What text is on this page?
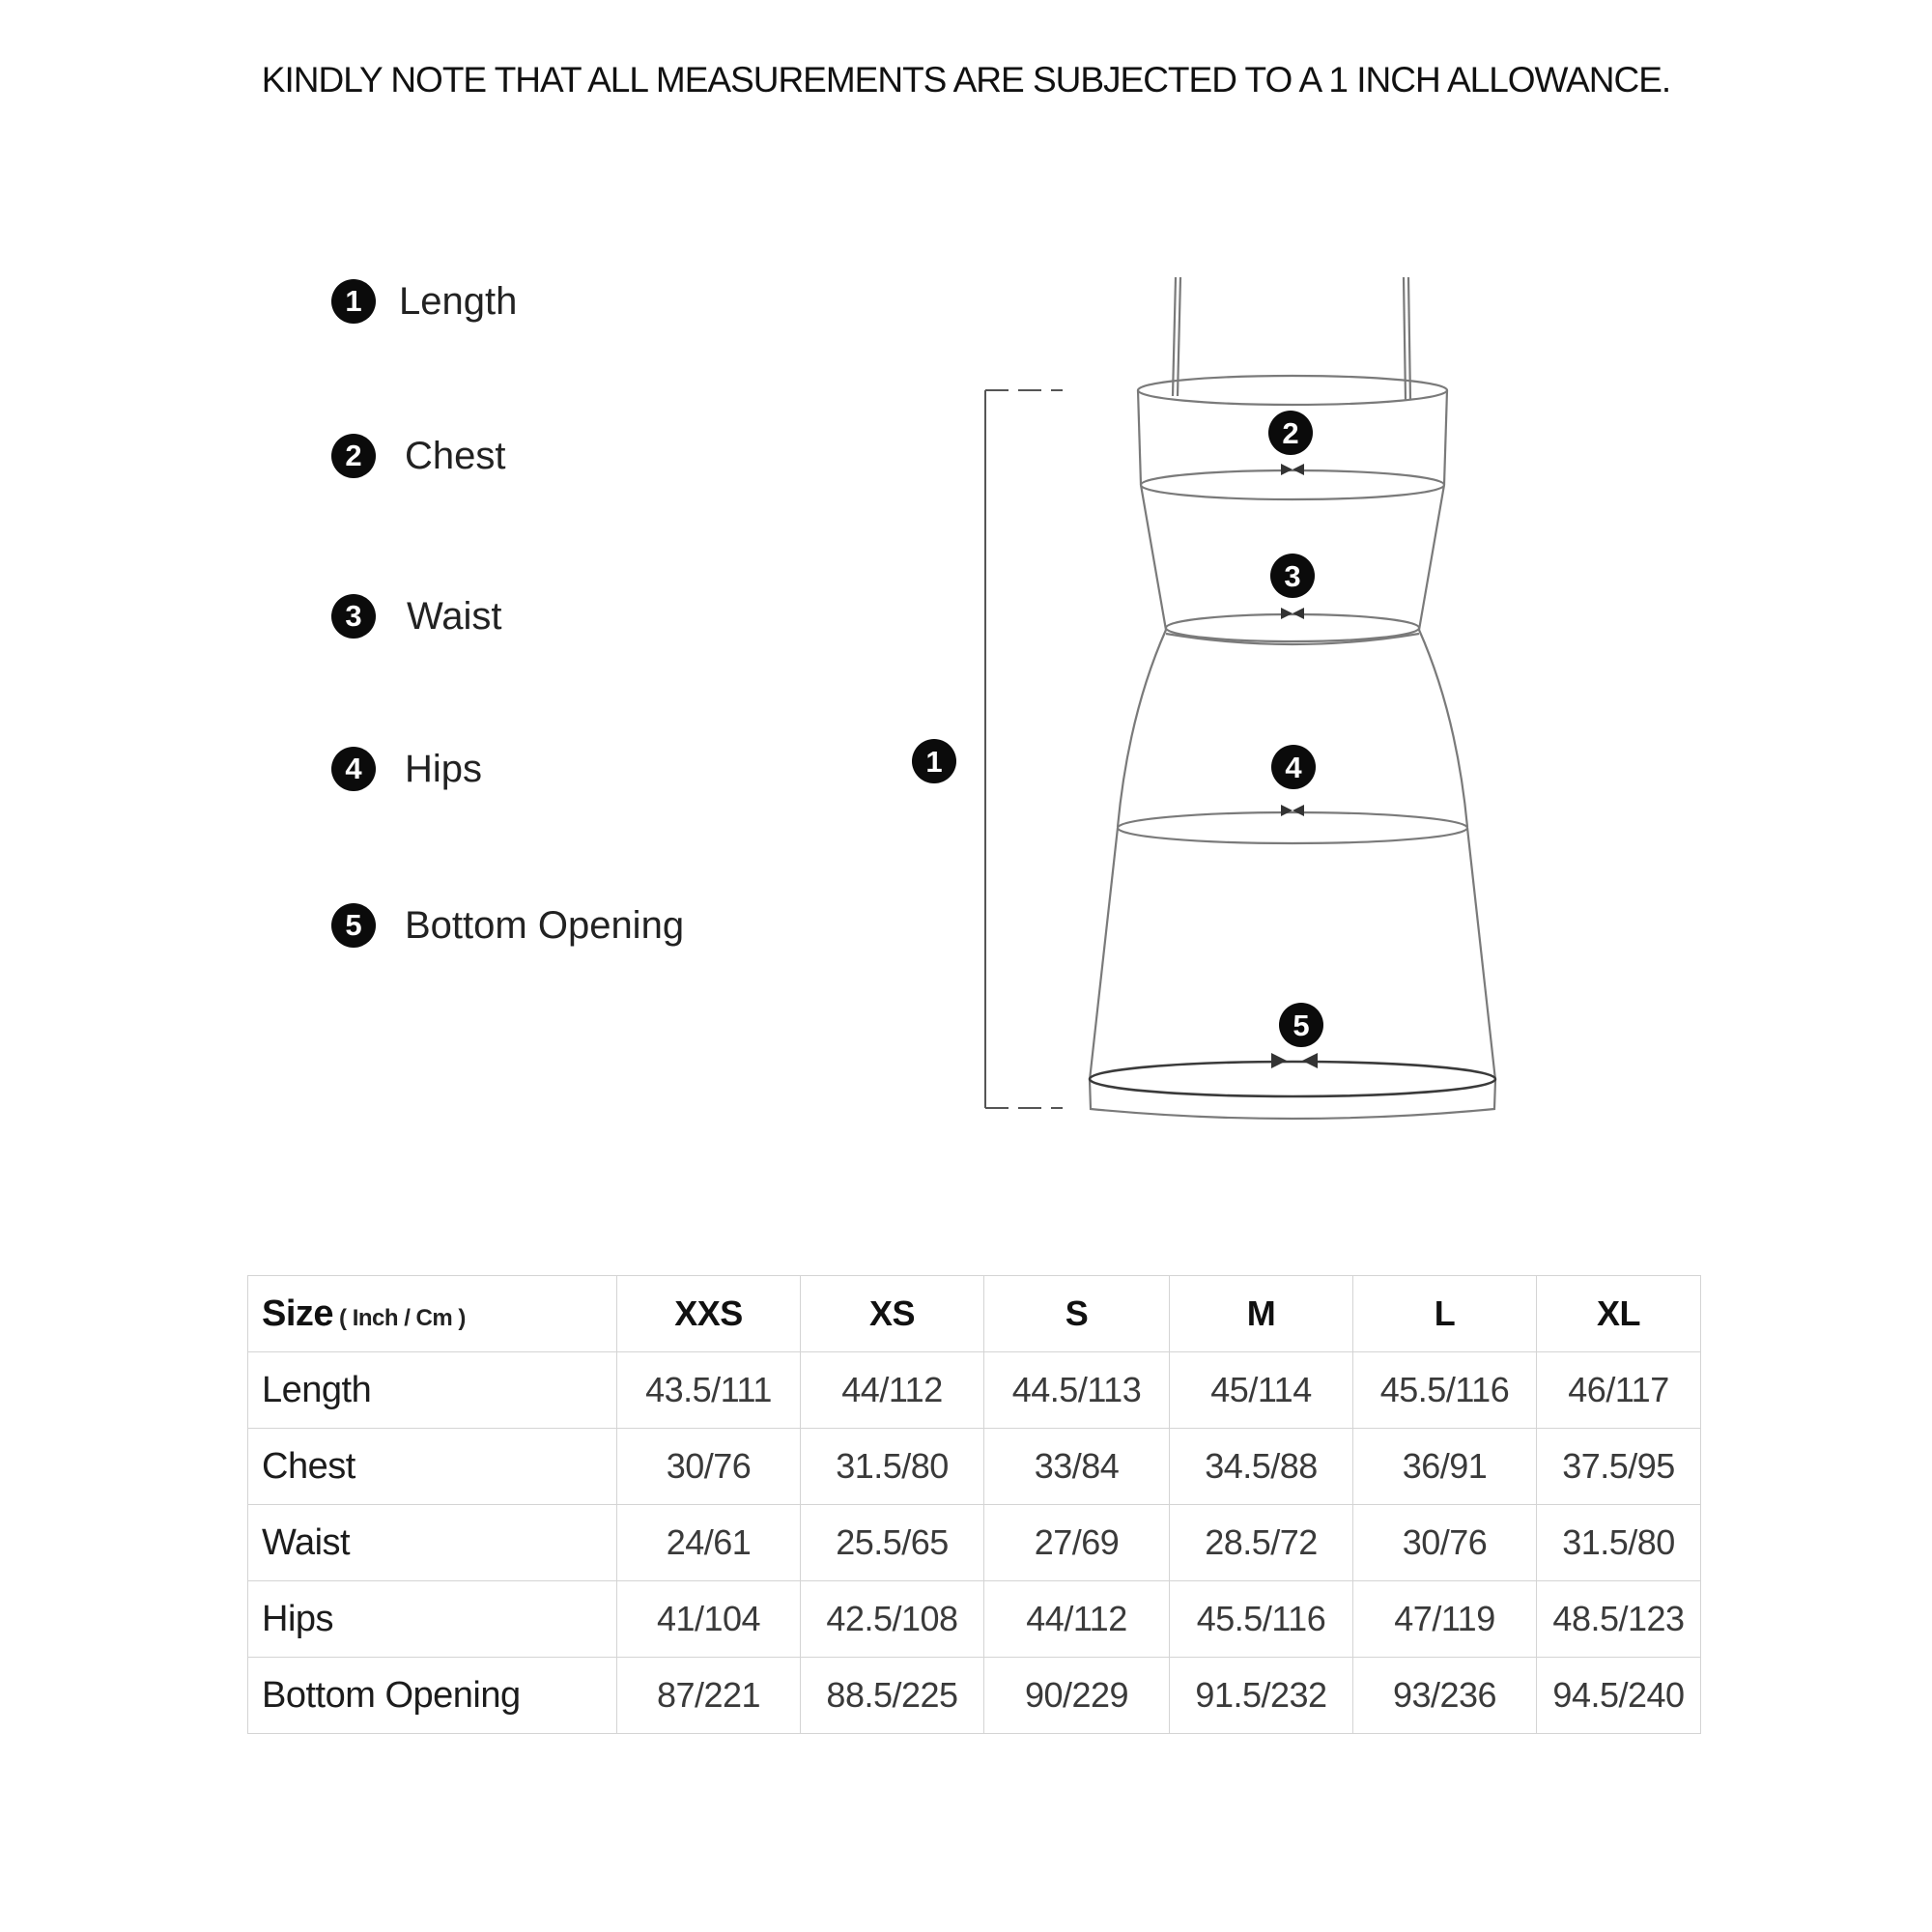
KINDLY NOTE THAT ALL MEASUREMENTS ARE SUBJECTED TO A 1 INCH ALLOWANCE.
1 Length
2	Chest
3	Waist
4	Hips
5	Bottom Opening
1
2
3
4
5
Size ( Inch / Cm )	XXS	XS	S	M	L	XL
Length	43.5/111	44/112	44.5/113	45/114	45.5/116	46/117
Chest	30/76	31.5/80	33/84	34.5/88	36/91	37.5/95
Waist	24/61	25.5/65	27/69	28.5/72	30/76	31.5/80
Hips	41/104	42.5/108	44/112	45.5/116	47/119	48.5/123
Bottom Opening	87/221	88.5/225	90/229	91.5/232	93/236	94.5/240
